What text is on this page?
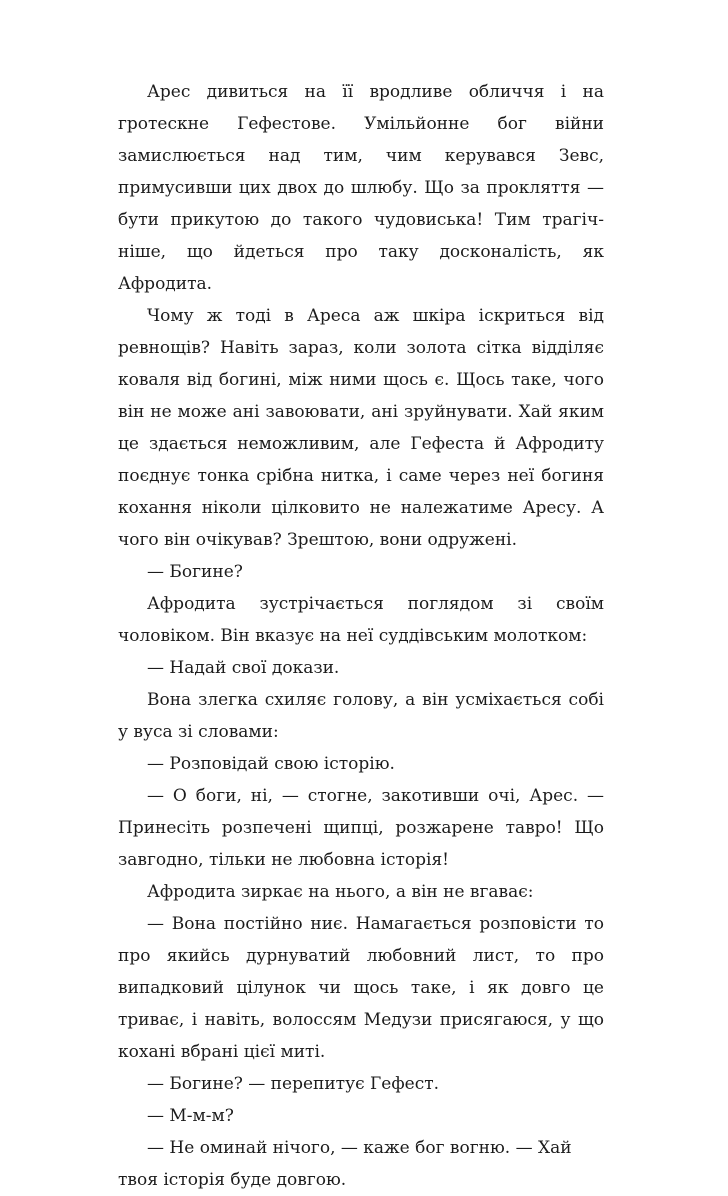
Арес дивиться на її вродливе обличчя і на гротескне Гефестове. Умільйонне бог війни замислюється над тим, чим керувався Зевс, примусивши цих двох до шлюбу. Що за прокляття — бути прикутою до такого чудовиська! Тим трагічніше, що йдеться про таку досконалість, як Афродита.

Чому ж тоді в Ареса аж шкіра іскриться від ревнощів? Навіть зараз, коли золота сітка відділяє коваля від богині, між ними щось є. Щось таке, чого він не може ані завоювати, ані зруйнувати. Хай яким це здається неможливим, але Гефеста й Афродиту поєднує тонка срібна нитка, і саме через неї богиня кохання ніколи цілковито не належатиме Аресу. А чого він очікував? Зрештою, вони одружені.

— Богине?

Афродита зустрічається поглядом зі своїм чоловіком. Він вказує на неї суддівським молотком:

— Надай свої докази.

Вона злегка схиляє голову, а він усміхається собі у вуса зі словами:

— Розповідай свою історію.

— О боги, ні, — стогне, закотивши очі, Арес. — Принесіть розпечені щипці, розжарене тавро! Що завгодно, тільки не любовна історія!

Афродита зиркає на нього, а він не вгаває:

— Вона постійно ниє. Намагається розповісти то про якийсь дурнуватий любовний лист, то про випадковий цілунок чи щось таке, і як довго це триває, і навіть, волоссям Медузи присягаюся, у що кохані вбрані цієї миті.

— Богине? — перепитує Гефест.

— М-м-м?

— Не оминай нічого, — каже бог вогню. — Хай твоя історія буде довгою.
